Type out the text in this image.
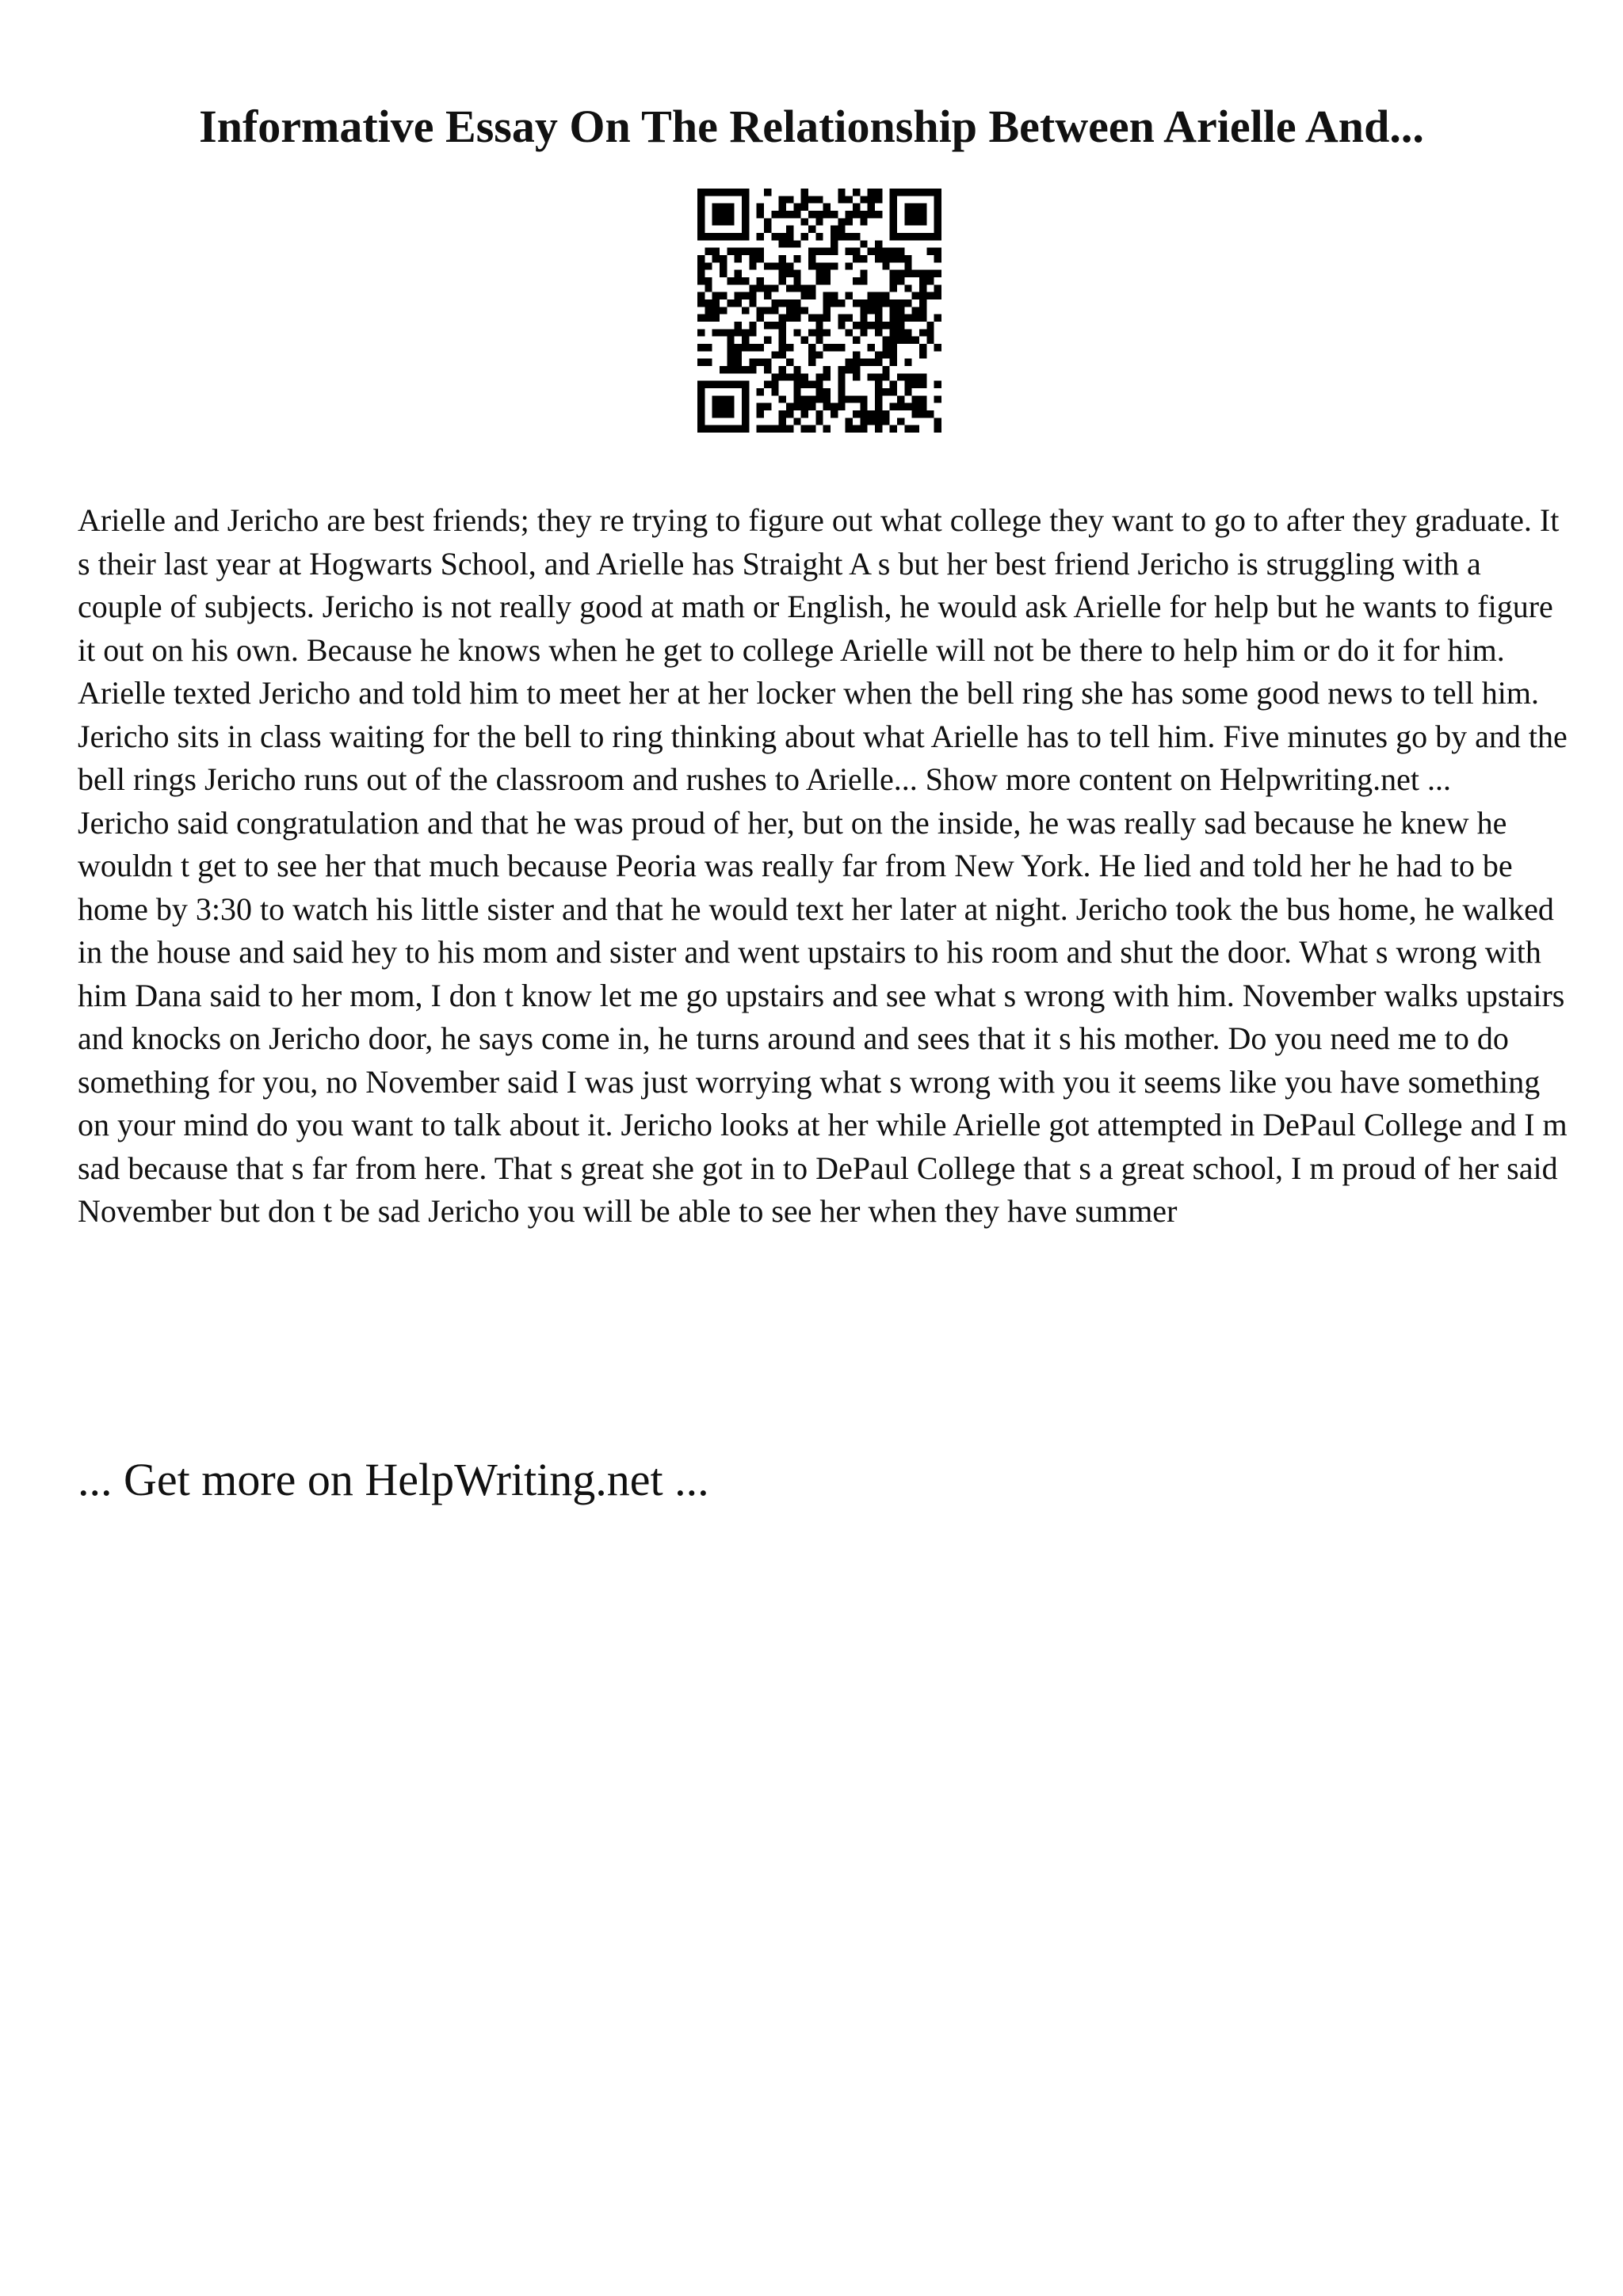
Informative Essay On The Relationship Between Arielle And...

Arielle and Jericho are best friends; they re trying to figure out what college they want to go to after they graduate. It s their last year at Hogwarts School, and Arielle has Straight A s but her best friend Jericho is struggling with a couple of subjects. Jericho is not really good at math or English, he would ask Arielle for help but he wants to figure it out on his own. Because he knows when he get to college Arielle will not be there to help him or do it for him. Arielle texted Jericho and told him to meet her at her locker when the bell ring she has some good news to tell him. Jericho sits in class waiting for the bell to ring thinking about what Arielle has to tell him. Five minutes go by and the bell rings Jericho runs out of the classroom and rushes to Arielle... Show more content on Helpwriting.net ...

Jericho said congratulation and that he was proud of her, but on the inside, he was really sad because he knew he wouldn t get to see her that much because Peoria was really far from New York. He lied and told her he had to be home by 3:30 to watch his little sister and that he would text her later at night. Jericho took the bus home, he walked in the house and said hey to his mom and sister and went upstairs to his room and shut the door. What s wrong with him Dana said to her mom, I don t know let me go upstairs and see what s wrong with him. November walks upstairs and knocks on Jericho door, he says come in, he turns around and sees that it s his mother. Do you need me to do something for you, no November said I was just worrying what s wrong with you it seems like you have something on your mind do you want to talk about it. Jericho looks at her while Arielle got attempted in DePaul College and I m sad because that s far from here. That s great she got in to DePaul College that s a great school, I m proud of her said November but don t be sad Jericho you will be able to see her when they have summer

... Get more on HelpWriting.net ...
